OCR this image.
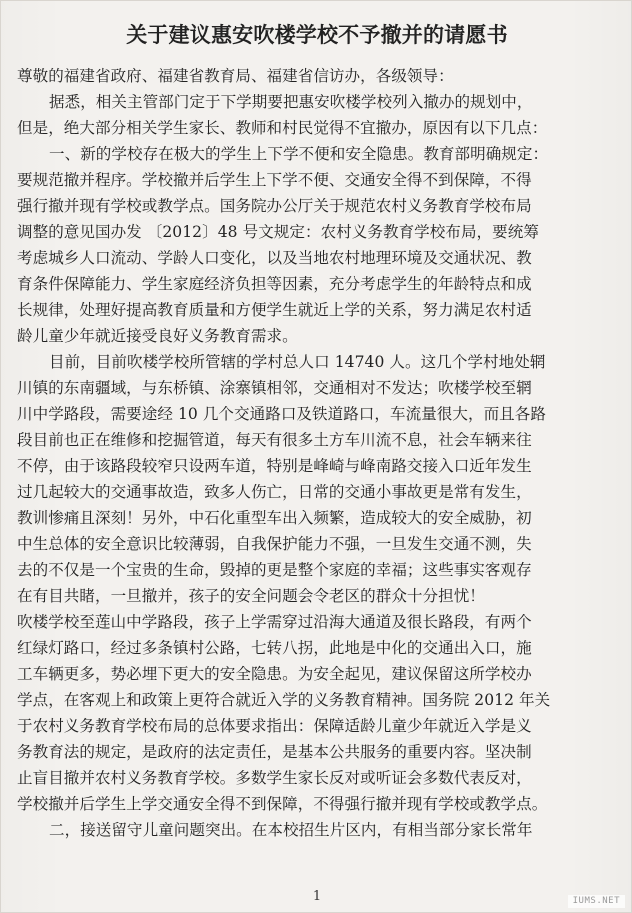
关于建议惠安吹楼学校不予撤并的请愿书
尊敬的福建省政府、福建省教育局、福建省信访办，各级领导：
据悉，相关主管部门定于下学期要把惠安吹楼学校列入撤办的规划中，
但是，绝大部分相关学生家长、教师和村民觉得不宜撤办，原因有以下几点：
一、新的学校存在极大的学生上下学不便和安全隐患。教育部明确规定：
要规范撤并程序。学校撤并后学生上下学不便、交通安全得不到保障，不得
强行撤并现有学校或教学点。国务院办公厅关于规范农村义务教育学校布局
调整的意见国办发 〔2012〕48 号文规定：农村义务教育学校布局，要统筹
考虑城乡人口流动、学龄人口变化，以及当地农村地理环境及交通状况、教
育条件保障能力、学生家庭经济负担等因素，充分考虑学生的年龄特点和成
长规律，处理好提高教育质量和方便学生就近上学的关系，努力满足农村适
龄儿童少年就近接受良好义务教育需求。
目前，目前吹楼学校所管辖的学村总人口 14740 人。这几个学村地处辋
川镇的东南疆域，与东桥镇、涂寨镇相邻，交通相对不发达；吹楼学校至辋
川中学路段，需要途经 10 几个交通路口及铁道路口，车流量很大，而且各路
段目前也正在维修和挖掘管道，每天有很多土方车川流不息，社会车辆来往
不停，由于该路段较窄只设两车道，特别是峰崎与峰南路交接入口近年发生
过几起较大的交通事故造，致多人伤亡，日常的交通小事故更是常有发生，
教训惨痛且深刻！另外，中石化重型车出入频繁，造成较大的安全威胁，初
中生总体的安全意识比较薄弱，自我保护能力不强，一旦发生交通不测，失
去的不仅是一个宝贵的生命，毁掉的更是整个家庭的幸福；这些事实客观存
在有目共睹，一旦撤并，孩子的安全问题会令老区的群众十分担忧！
吹楼学校至莲山中学路段，孩子上学需穿过沿海大通道及很长路段，有两个
红绿灯路口，经过多条镇村公路，七转八拐，此地是中化的交通出入口，施
工车辆更多，势必埋下更大的安全隐患。为安全起见，建议保留这所学校办
学点，在客观上和政策上更符合就近入学的义务教育精神。国务院 2012 年关
于农村义务教育学校布局的总体要求指出：保障适龄儿童少年就近入学是义
务教育法的规定，是政府的法定责任，是基本公共服务的重要内容。坚决制
止盲目撤并农村义务教育学校。多数学生家长反对或听证会多数代表反对，
学校撤并后学生上学交通安全得不到保障，不得强行撤并现有学校或教学点。
二，接送留守儿童问题突出。在本校招生片区内，有相当部分家长常年
1	IUMS.NET
